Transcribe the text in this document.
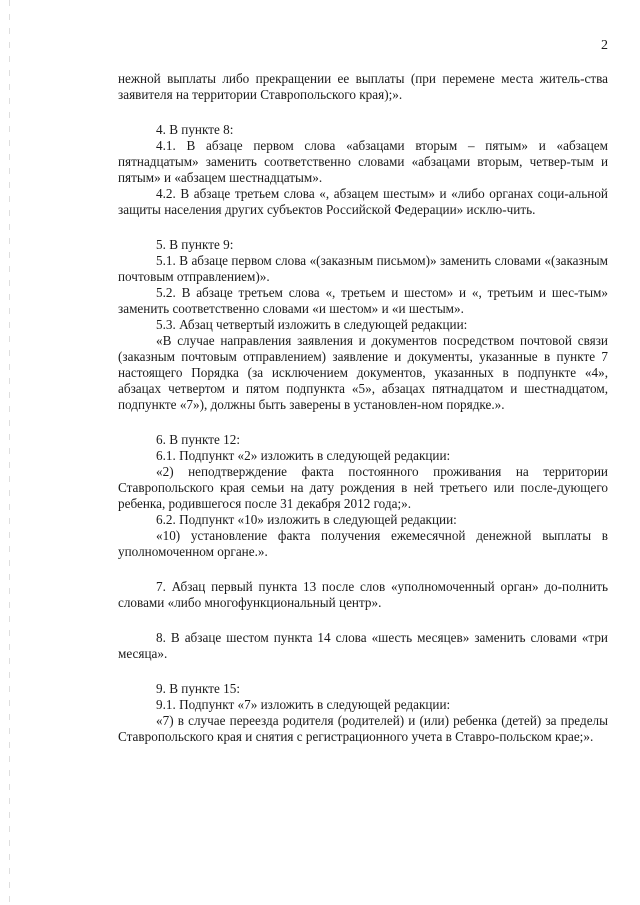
2

нежной выплаты либо прекращении ее выплаты (при перемене места житель-ства заявителя на территории Ставропольского края);».

4. В пункте 8:

4.1. В абзаце первом слова «абзацами вторым – пятым» и «абзацем пятнадцатым» заменить соответственно словами «абзацами вторым, четвер-тым и пятым» и «абзацем шестнадцатым».

4.2. В абзаце третьем слова «, абзацем шестым» и «либо органах соци-альной защиты населения других субъектов Российской Федерации» исклю-чить.

5. В пункте 9:

5.1. В абзаце первом слова «(заказным письмом)» заменить словами «(заказным почтовым отправлением)».

5.2. В абзаце третьем слова «, третьем и шестом» и «, третьим и шес-тым» заменить соответственно словами «и шестом» и «и шестым».

5.3. Абзац четвертый изложить в следующей редакции:

«В случае направления заявления и документов посредством почтовой связи (заказным почтовым отправлением) заявление и документы, указанные в пункте 7 настоящего Порядка (за исключением документов, указанных в подпункте «4», абзацах четвертом и пятом подпункта «5», абзацах пятнадцатом и шестнадцатом, подпункте «7»), должны быть заверены в установлен-ном порядке.».

6. В пункте 12:

6.1. Подпункт «2» изложить в следующей редакции:

«2) неподтверждение факта постоянного проживания на территории Ставропольского края семьи на дату рождения в ней третьего или после-дующего ребенка, родившегося после 31 декабря 2012 года;».

6.2. Подпункт «10» изложить в следующей редакции:

«10) установление факта получения ежемесячной денежной выплаты в уполномоченном органе.».

7. Абзац первый пункта 13 после слов «уполномоченный орган» до-полнить словами «либо многофункциональный центр».

8. В абзаце шестом пункта 14 слова «шесть месяцев» заменить словами «три месяца».

9. В пункте 15:

9.1. Подпункт «7» изложить в следующей редакции:

«7) в случае переезда родителя (родителей) и (или) ребенка (детей) за пределы Ставропольского края и снятия с регистрационного учета в Ставро-польском крае;».
